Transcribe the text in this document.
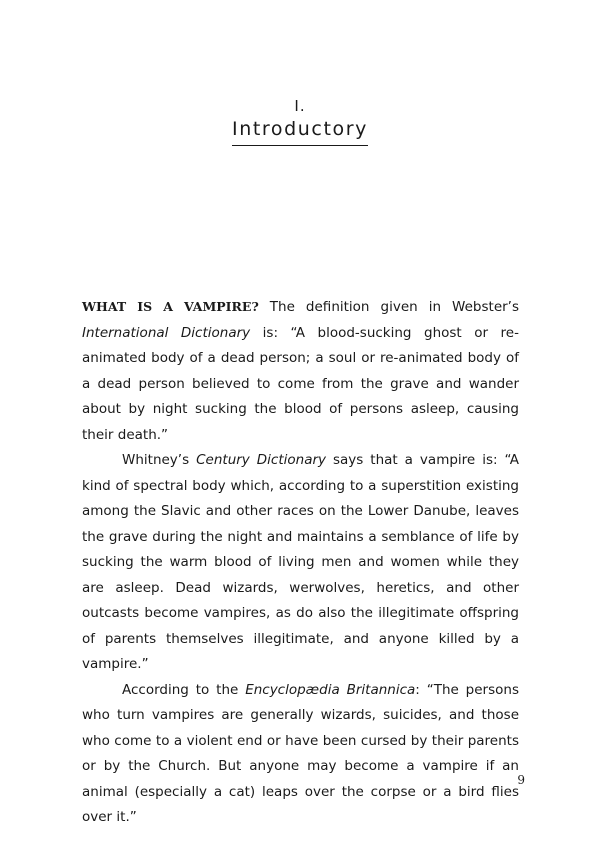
I.
Introductory

WHAT IS A VAMPIRE? The definition given in Webster’s International Dictionary is: “A blood-sucking ghost or re-animated body of a dead person; a soul or re-animated body of a dead person believed to come from the grave and wander about by night sucking the blood of persons asleep, causing their death.”

Whitney’s Century Dictionary says that a vampire is: “A kind of spectral body which, according to a superstition existing among the Slavic and other races on the Lower Danube, leaves the grave during the night and maintains a semblance of life by sucking the warm blood of living men and women while they are asleep. Dead wizards, werwolves, heretics, and other outcasts become vampires, as do also the illegitimate offspring of parents themselves illegitimate, and anyone killed by a vampire.”

According to the Encyclopædia Britannica: “The persons who turn vampires are generally wizards, suicides, and those who come to a violent end or have been cursed by their parents or by the Church. But anyone may become a vampire if an animal (especially a cat) leaps over the corpse or a bird flies over it.”

9
